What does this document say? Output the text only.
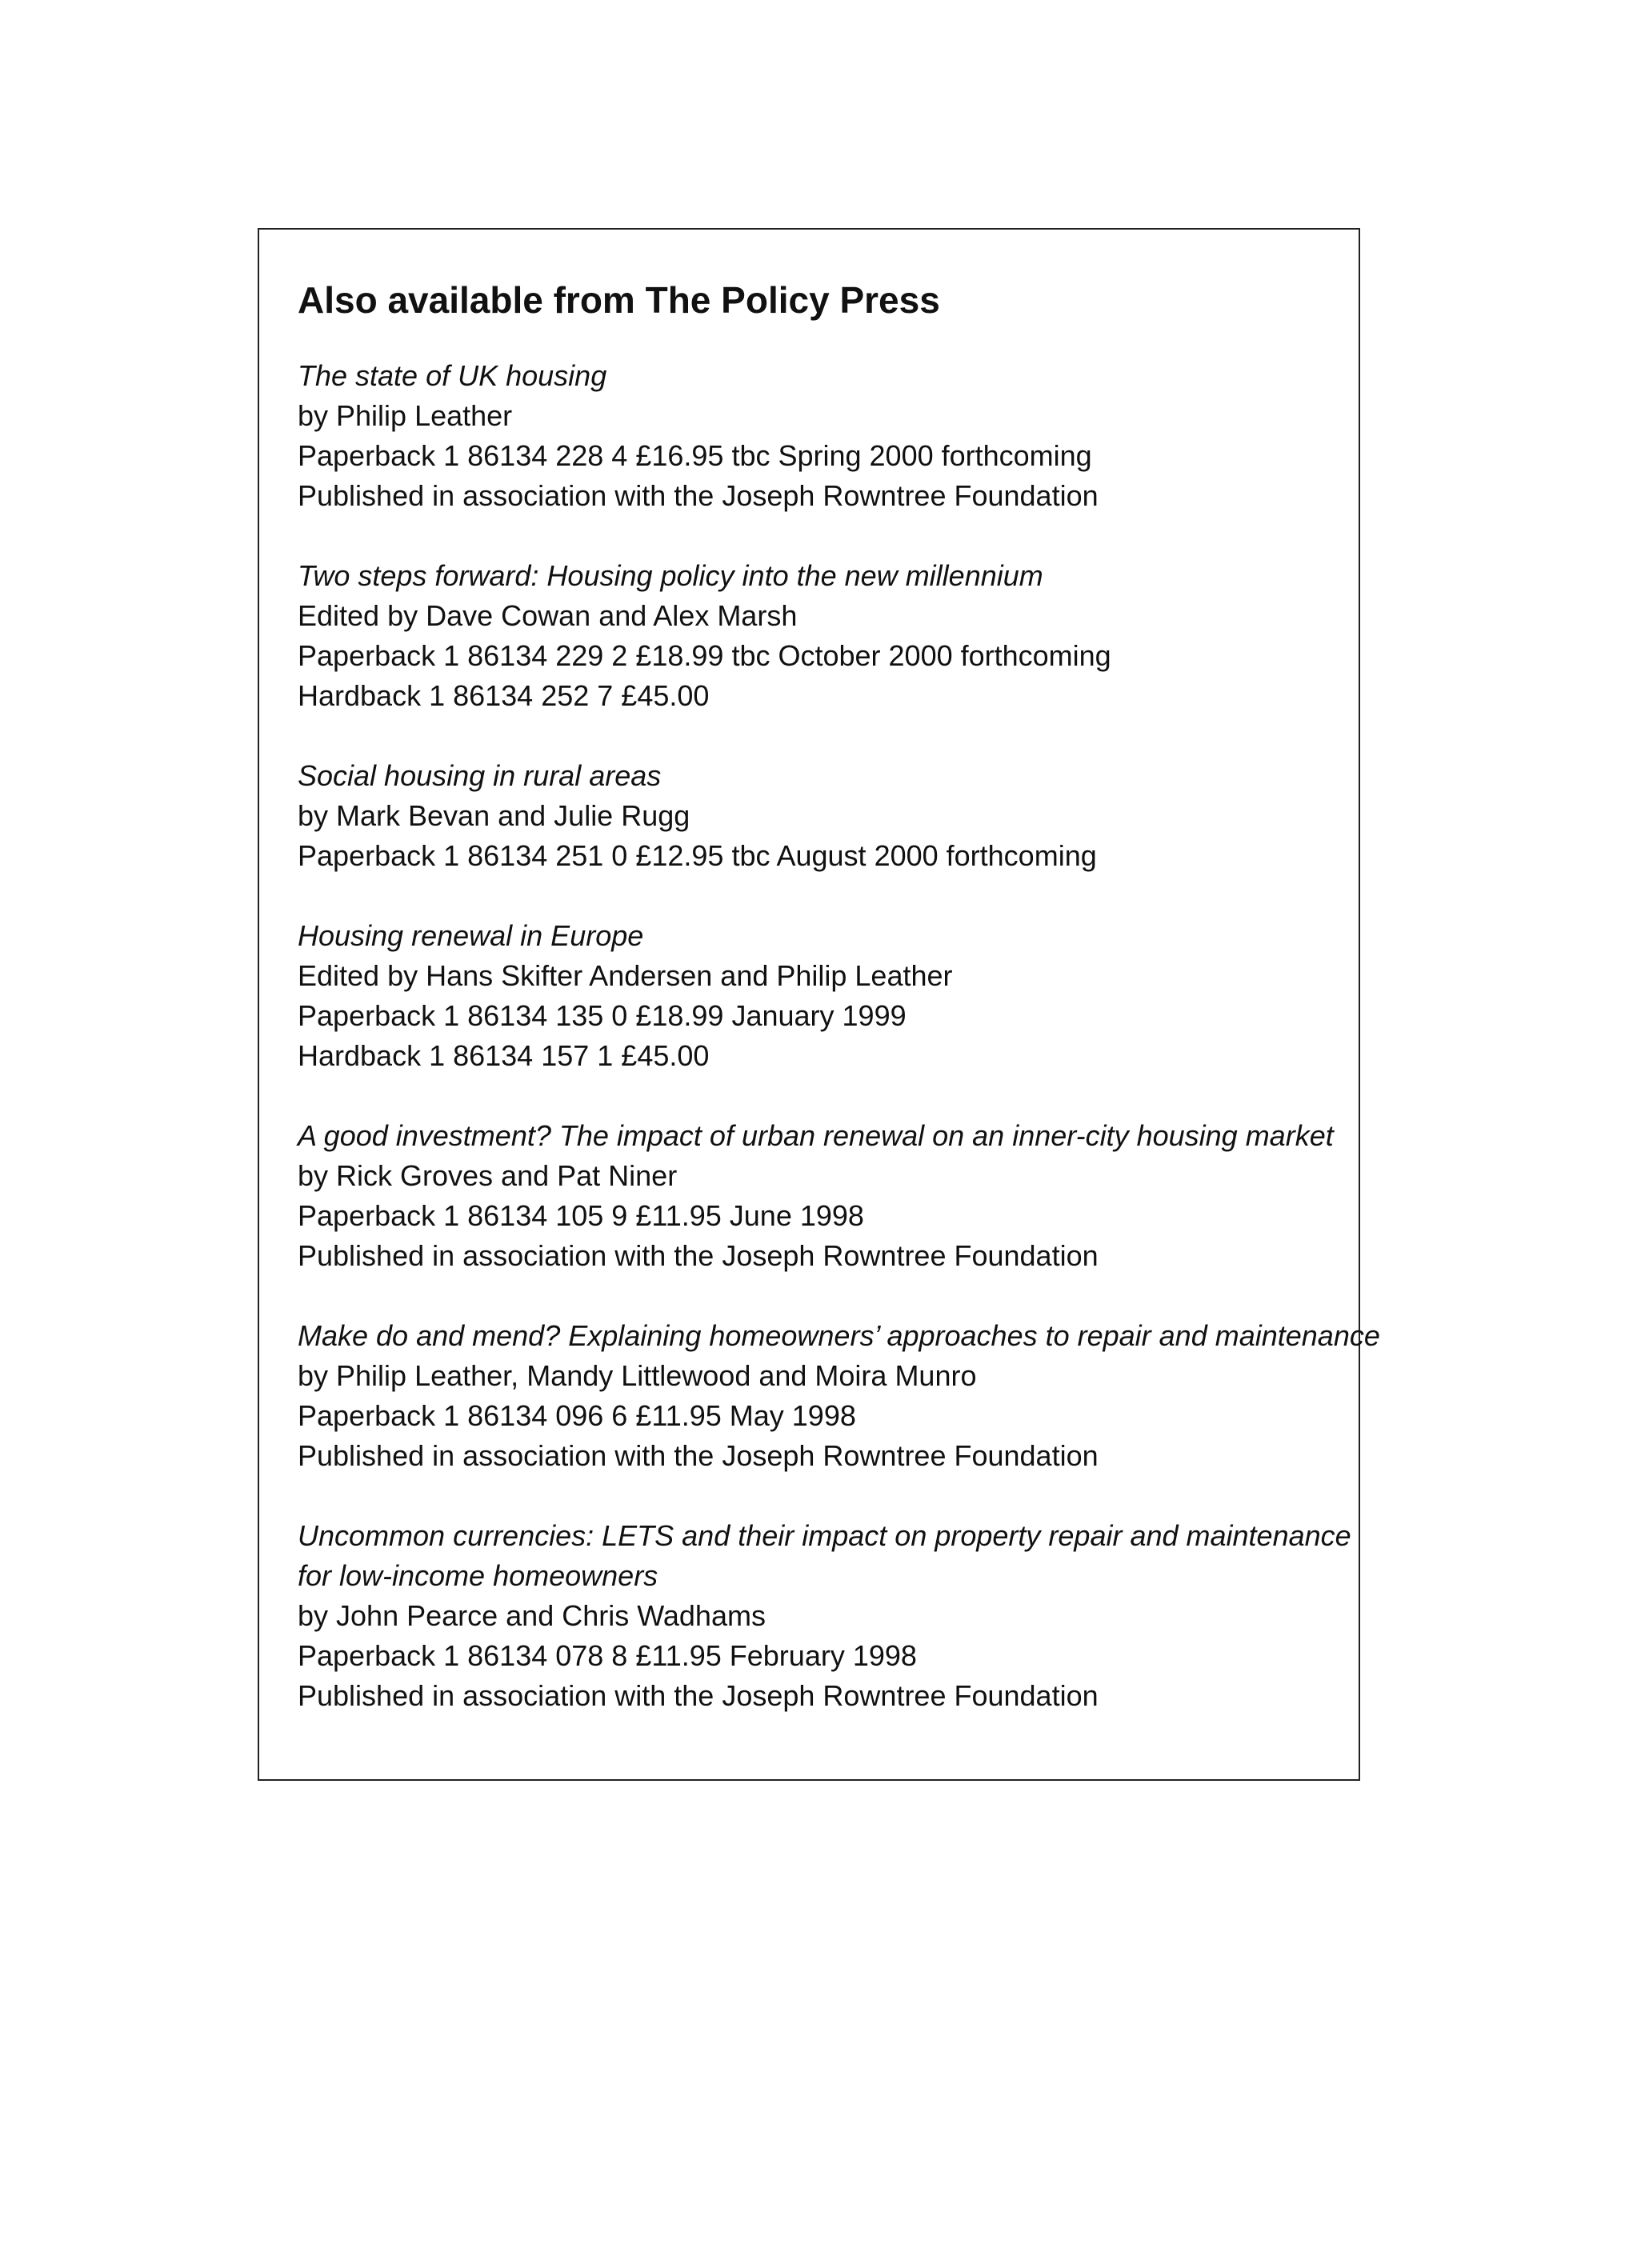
Also available from The Policy Press
The state of UK housing
by Philip Leather
Paperback 1 86134 228 4 £16.95 tbc Spring 2000 forthcoming
Published in association with the Joseph Rowntree Foundation
Two steps forward: Housing policy into the new millennium
Edited by Dave Cowan and Alex Marsh
Paperback 1 86134 229 2 £18.99 tbc October 2000 forthcoming
Hardback 1 86134 252 7 £45.00
Social housing in rural areas
by Mark Bevan and Julie Rugg
Paperback 1 86134 251 0 £12.95 tbc August 2000 forthcoming
Housing renewal in Europe
Edited by Hans Skifter Andersen and Philip Leather
Paperback 1 86134 135 0 £18.99 January 1999
Hardback 1 86134 157 1 £45.00
A good investment? The impact of urban renewal on an inner-city housing market
by Rick Groves and Pat Niner
Paperback 1 86134 105 9 £11.95 June 1998
Published in association with the Joseph Rowntree Foundation
Make do and mend? Explaining homeowners’ approaches to repair and maintenance
by Philip Leather, Mandy Littlewood and Moira Munro
Paperback 1 86134 096 6 £11.95 May 1998
Published in association with the Joseph Rowntree Foundation
Uncommon currencies: LETS and their impact on property repair and maintenance
for low-income homeowners
by John Pearce and Chris Wadhams
Paperback 1 86134 078 8 £11.95 February 1998
Published in association with the Joseph Rowntree Foundation
